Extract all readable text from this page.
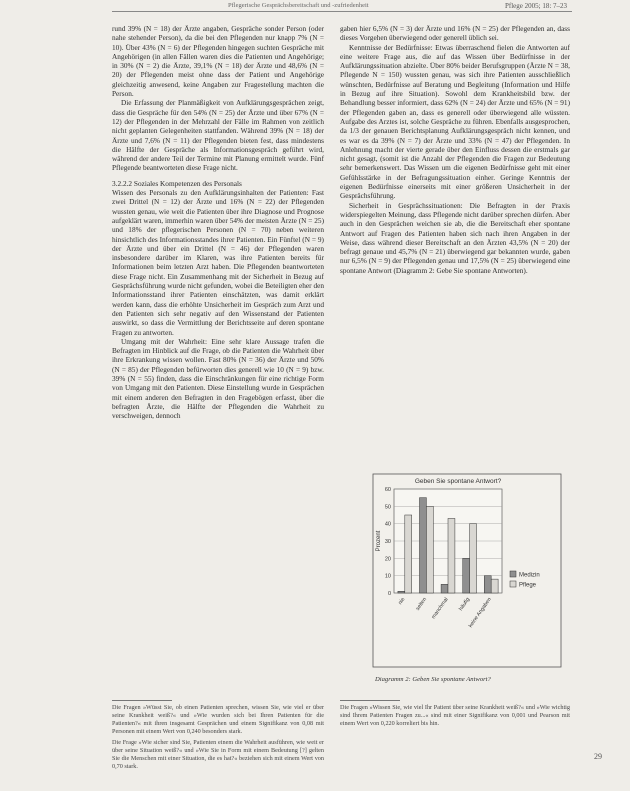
Pflegerische Gesprächsbereitschaft und -zufriedenheit	Pflege 2005; 18: 7–23

rund 39% (N = 18) der Ärzte angaben, Gespräche sonder Person (oder nahe stehender Person), da die bei den Pflegenden nur knapp 7% (N = 10). Über 43% (N = 6) der Pflegenden hingegen suchten Gespräche mit Angehörigen (in allen Fällen waren dies die Patienten und Angehörige; in 30% (N = 2) die Ärzte, 39,1% (N = 18) der Ärzte und 48,6% (N = 20) der Pflegenden meist ohne dass der Patient und Angehörige gleichzeitig anwesend, keine Angaben zur Fragestellung machten die Person.

Die Erfassung der Planmäßigkeit von Aufklärungsgesprächen zeigt, dass die Gespräche für den 54% (N = 25) der Ärzte und über 67% (N = 12) der Pflegenden in der Mehrzahl der Fälle im Rahmen von zeitlich nicht geplanten Gelegenheiten stattfanden. Während 39% (N = 18) der Ärzte und 7,6% (N = 11) der Pflegenden bieten fest, dass mindestens die Hälfte der Gespräche als Informationsgespräch geführt wird, während der andere Teil der Termine mit Planung ermittelt wurde. Fünf Pflegende beantworteten diese Frage nicht.

3.2.2.2 Soziales Kompetenzen des Personals

Wissen des Personals zu den Aufklärungsinhalten der Patienten: Fast zwei Drittel (N = 12) der Ärzte und 16% (N = 22) der Pflegenden wussten genau, wie weit die Patienten über ihre Diagnose und Prognose aufgeklärt waren, immerhin waren über 54% der meisten Ärzte (N = 25) und 18% der pflegerischen Personen (N = 70) neben weiteren hinsichtlich des Informationsstandes ihrer Patienten. Ein Fünftel (N = 9) der Ärzte und über ein Drittel (N = 46) der Pflegenden waren insbesondere darüber im Klaren, was ihre Patienten bereits für Informationen beim letzten Arzt haben. Die Pflegenden beantworteten diese Frage nicht. Ein Zusammenhang mit der Sicherheit in Bezug auf Gesprächsführung wurde nicht gefunden, wobei die Beteiligten eher den Informationsstand ihrer Patienten einschätzten, was damit erklärt werden kann, dass die erhöhte Unsicherheit im Gespräch zum Arzt und den Patienten sich sehr negativ auf den Wissenstand der Patienten auswirkt, so dass die Vermittlung der Berichtsseite auf deren spontane Fragen zu antworten.

Umgang mit der Wahrheit: Eine sehr klare Aussage trafen die Befragten im Hinblick auf die Frage, ob die Patienten die Wahrheit über ihre Erkrankung wissen wollen. Fast 80% (N = 36) der Ärzte und 50% (N = 85) der Pflegenden befürworten dies generell wie 10 (N = 9) bzw. 39% (N = 55) finden, dass die Einschränkungen für eine richtige Form von Umgang mit den Patienten. Diese Einstellung wurde in Gesprächen mit einem anderen den Befragten in den Fragebögen erfasst, über die befragten Ärzte, die Hälfte der Pflegenden die Wahrheit zu verschweigen, dennoch

gaben hier 6,5% (N = 3) der Ärzte und 16% (N = 25) der Pflegenden an, dass dieses Vorgehen überwiegend oder generell üblich sei.

Kenntnisse der Bedürfnisse: Etwas überraschend fielen die Antworten auf eine weitere Frage aus, die auf das Wissen über Bedürfnisse in der Aufklärungssituation abzielte. Über 80% beider Berufsgruppen (Ärzte N = 38, Pflegende N = 150) wussten genau, was sich ihre Patienten ausschließlich wünschten, Bedürfnisse auf Beratung und Begleitung (Information und Hilfe in Bezug auf ihre Situation). Sowohl dem Krankheitsbild bzw. der Behandlung besser informiert, dass 62% (N = 24) der Ärzte und 65% (N = 91) der Pflegenden gaben an, dass es generell oder überwiegend alle wüssten. Aufgabe des Arztes ist, solche Gespräche zu führen. Ebenfalls ausgesprochen, da 1/3 der genauen Berichtsplanung Aufklärungsgespräch nicht kennen, und es war es da 39% (N = 7) der Ärzte und 33% (N = 47) der Pflegenden. In Anlehnung macht der vierte gerade über den Einfluss dessen die erstmals gar nicht gesagt, (somit ist die Anzahl der Pflegenden die Fragen zur Bedeutung sehr bemerkenswert. Das Wissen um die eigenen Bedürfnisse geht mit einer Gefühlsstärke in der Befragungssituation einher. Geringe Kenntnis der eigenen Bedürfnisse einerseits mit einer größeren Unsicherheit in der Gesprächsführung.

Sicherheit in Gesprächssituationen: Die Befragten in der Praxis widerspiegelten Meinung, dass Pflegende nicht darüber sprechen dürfen. Aber auch in den Gesprächen weichen sie ab, die die Bereitschaft eher spontane Antwort auf Fragen des Patienten haben sich nach ihren Angaben in der Weise, dass während dieser Bereitschaft an den Ärzten 43,5% (N = 20) der befragt genaue und 45,7% (N = 21) überwiegend gar bekannten wurde, gaben nur 6,5% (N = 9) der Pflegenden genau und 17,5% (N = 25) überwiegend eine spontane Antwort (Diagramm 2: Gebe Sie spontane Antworten).

Geben Sie spontane Antwort?
0
10
20
30
40
50
60
Prozent
nie selten manchmal häufig
keine Angaben
Medizin
Pflege
Diagramm 2: Geben Sie spontane Antwort?

Die Fragen »Wüsst Sie, ob einen Patienten sprechen, wissen Sie, wie viel er über seine Krankheit weiß?« und »Wie wurden sich bei Ihren Patienten für die Patienten?« mit ihren insgesamt Gesprächen und einem Signifikanz von 0,08 mit Personen mit einem Wert von 0,240 besonders stark.

Die Frage »Wie sicher sind Sie, Patienten einem die Wahrheit ausführen, wie weit er über seine Situation weiß?« und »Wie Sie in Form mit einem Bedeutung [?] gelten Sie die Menschen mit einer Situation, die es hat?« beziehen sich mit einem Wert von 0,70 stark.

Die Fragen »Wissen Sie, wie viel Ihr Patient über seine Krankheit weiß?« und »Wie wichtig sind Ihrem Patienten Fragen zu...« sind mit einer Signifikanz von 0,001 und Pearson mit einem Wert von 0,220 korreliert bis hin.

29
